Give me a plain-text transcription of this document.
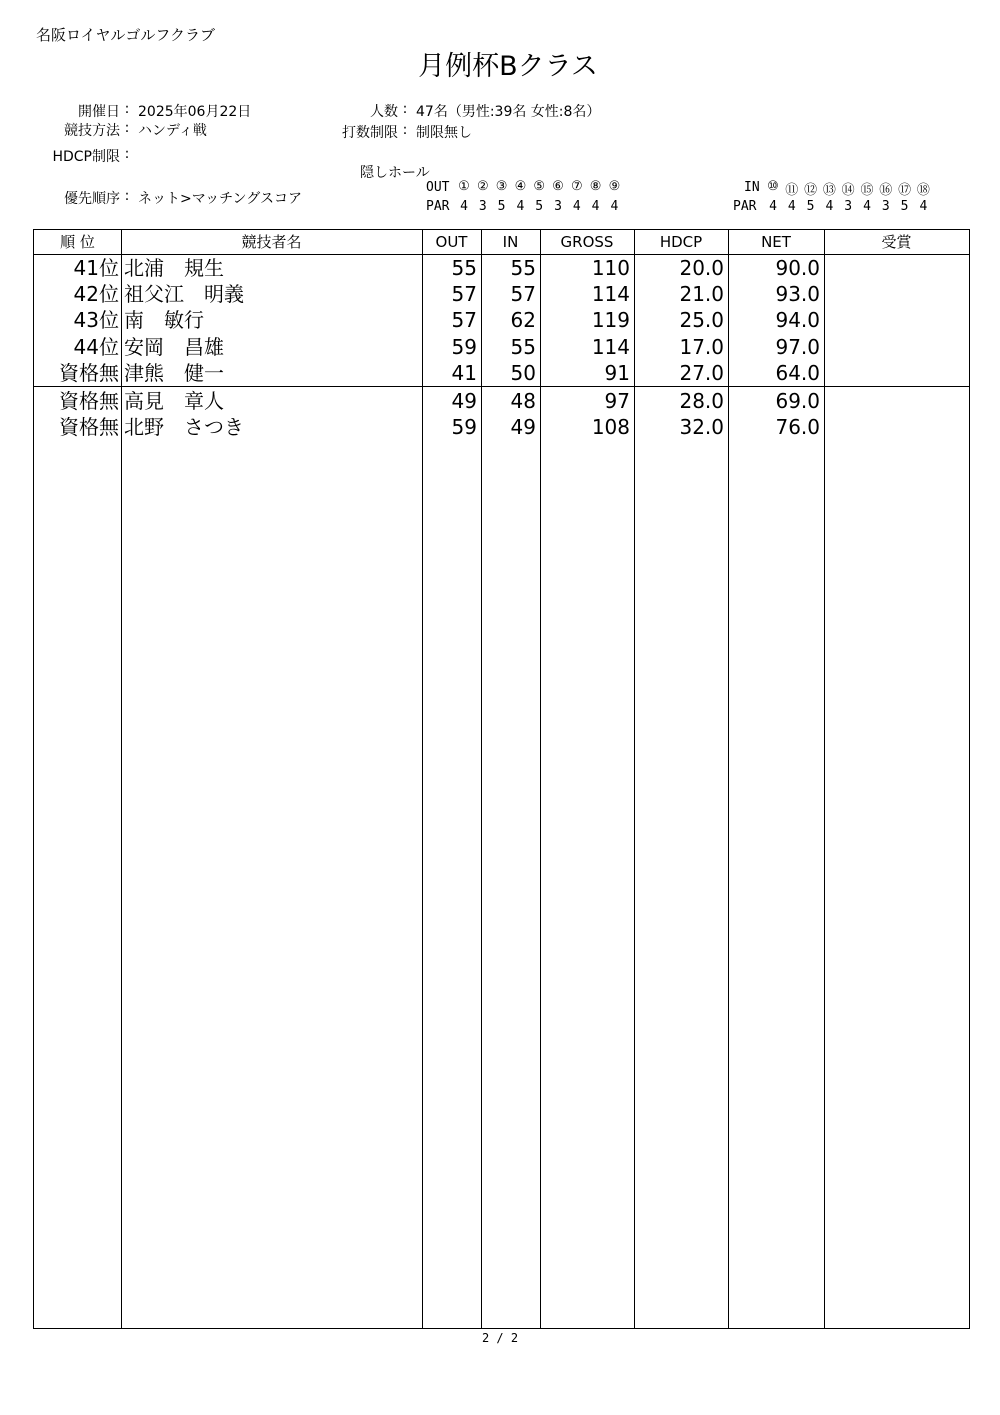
名阪ロイヤルゴルフクラブ
月例杯Bクラス
開催日 : 2025年06月22日
競技方法 : ハンディ戦
HDCP制限 :
優先順序 : ネット>マッチングスコア
人数 : 47名（男性:39名 女性:8名）
打数制限 : 制限無し
隠しホール
OUT
PAR
① ② ③ ④ ⑤ ⑥ ⑦ ⑧ ⑨
4 3 5 4 5 3 4 4 4
IN
PAR
⑩ ⑪ ⑫ ⑬ ⑭ ⑮ ⑯ ⑰ ⑱
4 4 5 4 3 4 3 5 4
順 位	競技者名	OUT	IN	GROSS	HDCP	NET	受賞
41位 北浦　規生	55	55	110	20.0	90.0
42位 祖父江　明義	57	57	114	21.0	93.0
43位 南　敏行	57	62	119	25.0	94.0
44位 安岡　昌雄	59	55	114	17.0	97.0
資格無 津熊　健一	41	50	91	27.0	64.0
資格無 高見　章人	49	48	97	28.0	69.0
資格無 北野　さつき	59	49	108	32.0	76.0
2 / 2
